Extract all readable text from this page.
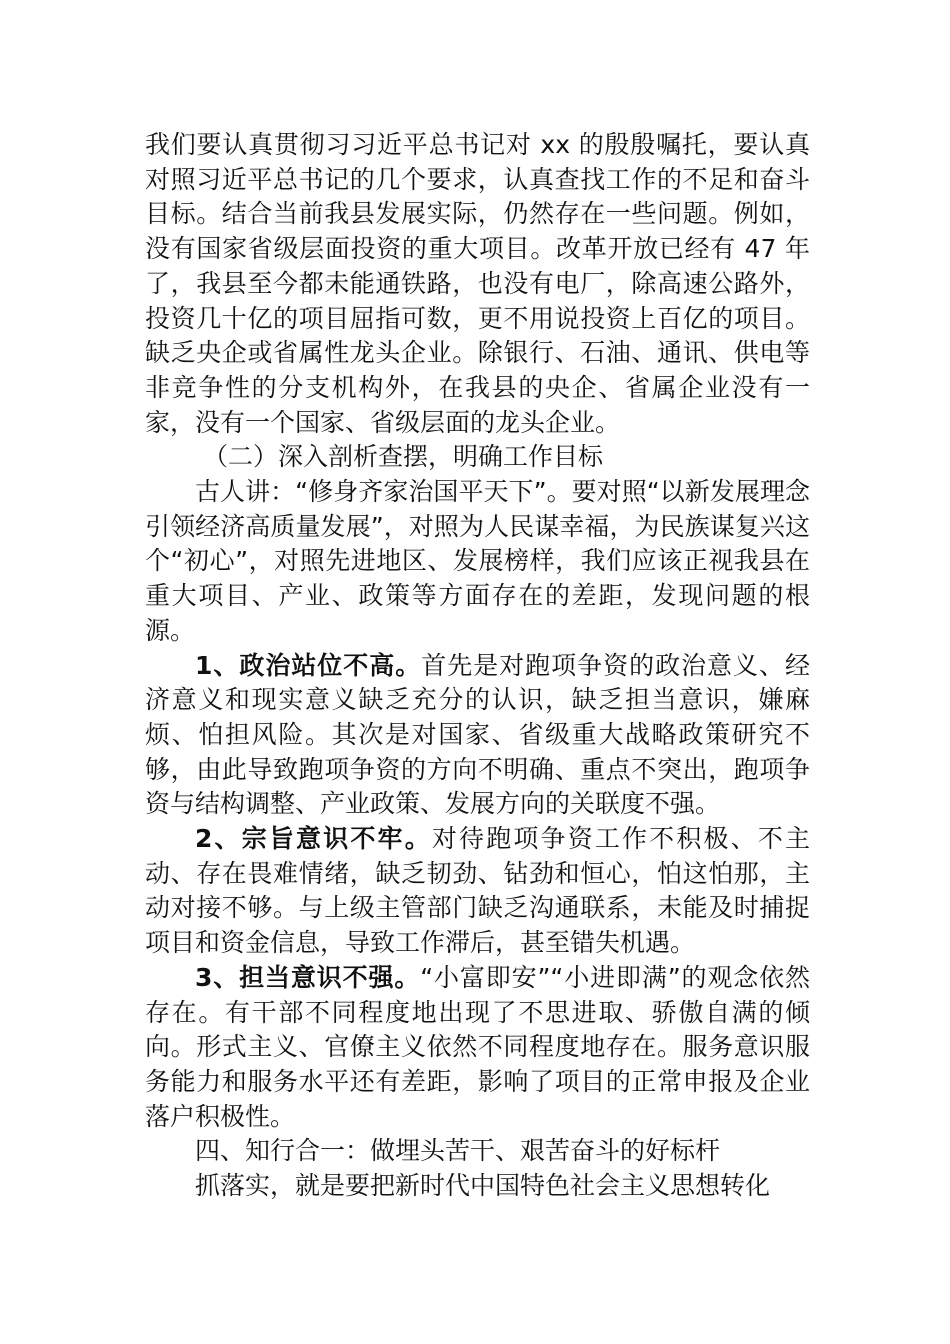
我们要认真贯彻习习近平总书记对 xx 的殷殷嘱托，要认真对照习近平总书记的几个要求，认真查找工作的不足和奋斗目标。结合当前我县发展实际，仍然存在一些问题。例如，没有国家省级层面投资的重大项目。改革开放已经有 47 年了，我县至今都未能通铁路，也没有电厂，除高速公路外，投资几十亿的项目屈指可数，更不用说投资上百亿的项目。缺乏央企或省属性龙头企业。除银行、石油、通讯、供电等非竞争性的分支机构外，在我县的央企、省属企业没有一家，没有一个国家、省级层面的龙头企业。

（二）深入剖析查摆，明确工作目标

古人讲：“修身齐家治国平天下”。要对照“以新发展理念引领经济高质量发展”，对照为人民谋幸福，为民族谋复兴这个“初心”，对照先进地区、发展榜样，我们应该正视我县在重大项目、产业、政策等方面存在的差距，发现问题的根源。

1、政治站位不高。首先是对跑项争资的政治意义、经济意义和现实意义缺乏充分的认识，缺乏担当意识，嫌麻烦、怕担风险。其次是对国家、省级重大战略政策研究不够，由此导致跑项争资的方向不明确、重点不突出，跑项争资与结构调整、产业政策、发展方向的关联度不强。

2、宗旨意识不牢。对待跑项争资工作不积极、不主动、存在畏难情绪，缺乏韧劲、钻劲和恒心，怕这怕那，主动对接不够。与上级主管部门缺乏沟通联系，未能及时捕捉项目和资金信息，导致工作滞后，甚至错失机遇。

3、担当意识不强。“小富即安”“小进即满”的观念依然存在。有干部不同程度地出现了不思进取、骄傲自满的倾向。形式主义、官僚主义依然不同程度地存在。服务意识服务能力和服务水平还有差距，影响了项目的正常申报及企业落户积极性。

四、知行合一：做埋头苦干、艰苦奋斗的好标杆

抓落实，就是要把新时代中国特色社会主义思想转化
